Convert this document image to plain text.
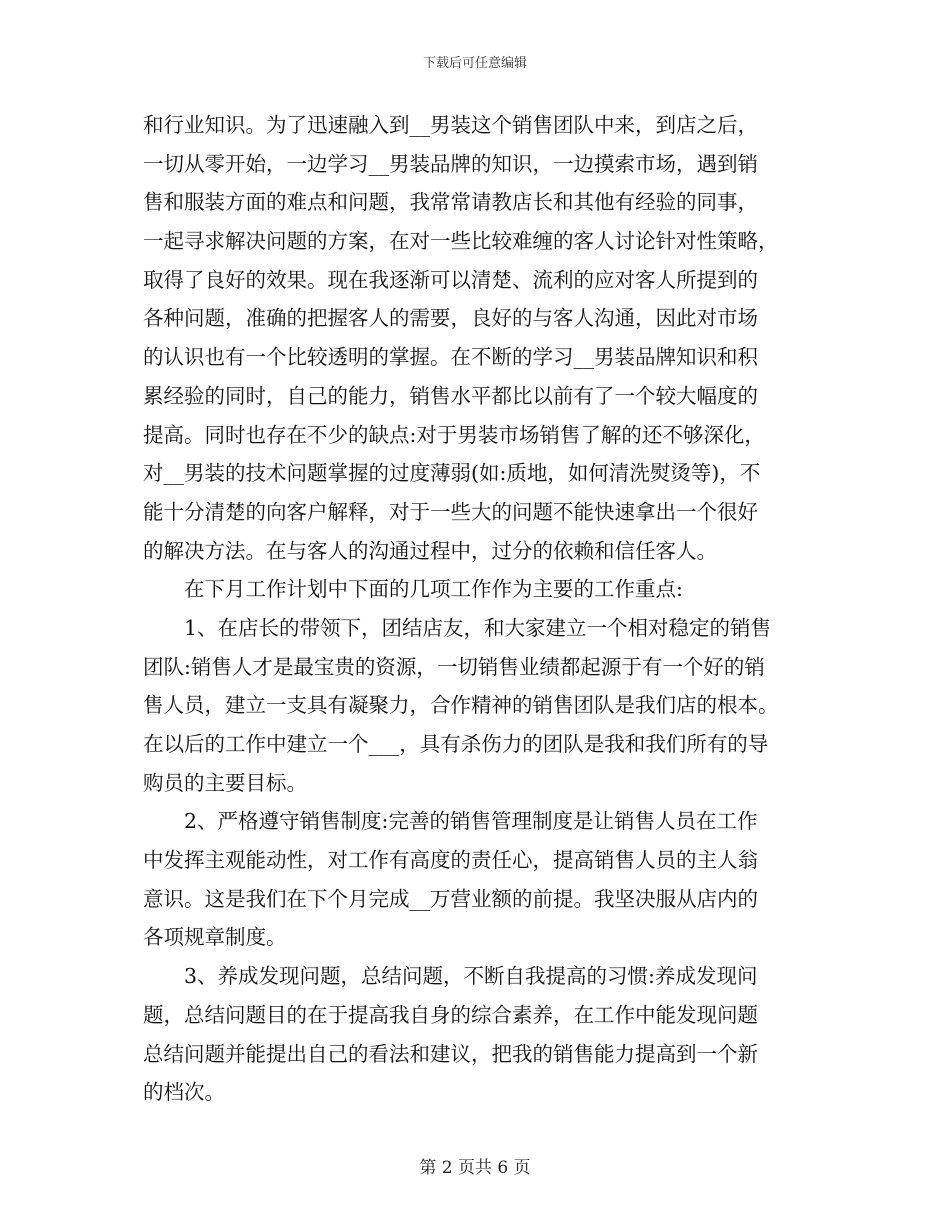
下载后可任意编辑
和行业知识。为了迅速融入到__男装这个销售团队中来，到店之后，
一切从零开始，一边学习__男装品牌的知识，一边摸索市场，遇到销
售和服装方面的难点和问题，我常常请教店长和其他有经验的同事，
一起寻求解决问题的方案，在对一些比较难缠的客人讨论针对性策略，
取得了良好的效果。现在我逐渐可以清楚、流利的应对客人所提到的
各种问题，准确的把握客人的需要，良好的与客人沟通，因此对市场
的认识也有一个比较透明的掌握。在不断的学习__男装品牌知识和积
累经验的同时，自己的能力，销售水平都比以前有了一个较大幅度的
提高。同时也存在不少的缺点:对于男装市场销售了解的还不够深化，
对__男装的技术问题掌握的过度薄弱(如:质地，如何清洗熨烫等)，不
能十分清楚的向客户解释，对于一些大的问题不能快速拿出一个很好
的解决方法。在与客人的沟通过程中，过分的依赖和信任客人。
在下月工作计划中下面的几项工作作为主要的工作重点:
1、在店长的带领下，团结店友，和大家建立一个相对稳定的销售
团队:销售人才是最宝贵的资源，一切销售业绩都起源于有一个好的销
售人员，建立一支具有凝聚力，合作精神的销售团队是我们店的根本。
在以后的工作中建立一个___，具有杀伤力的团队是我和我们所有的导
购员的主要目标。
2、严格遵守销售制度:完善的销售管理制度是让销售人员在工作
中发挥主观能动性，对工作有高度的责任心，提高销售人员的主人翁
意识。这是我们在下个月完成__万营业额的前提。我坚决服从店内的
各项规章制度。
3、养成发现问题，总结问题，不断自我提高的习惯:养成发现问
题，总结问题目的在于提高我自身的综合素养，在工作中能发现问题
总结问题并能提出自己的看法和建议，把我的销售能力提高到一个新
的档次。
第 2 页共 6 页
